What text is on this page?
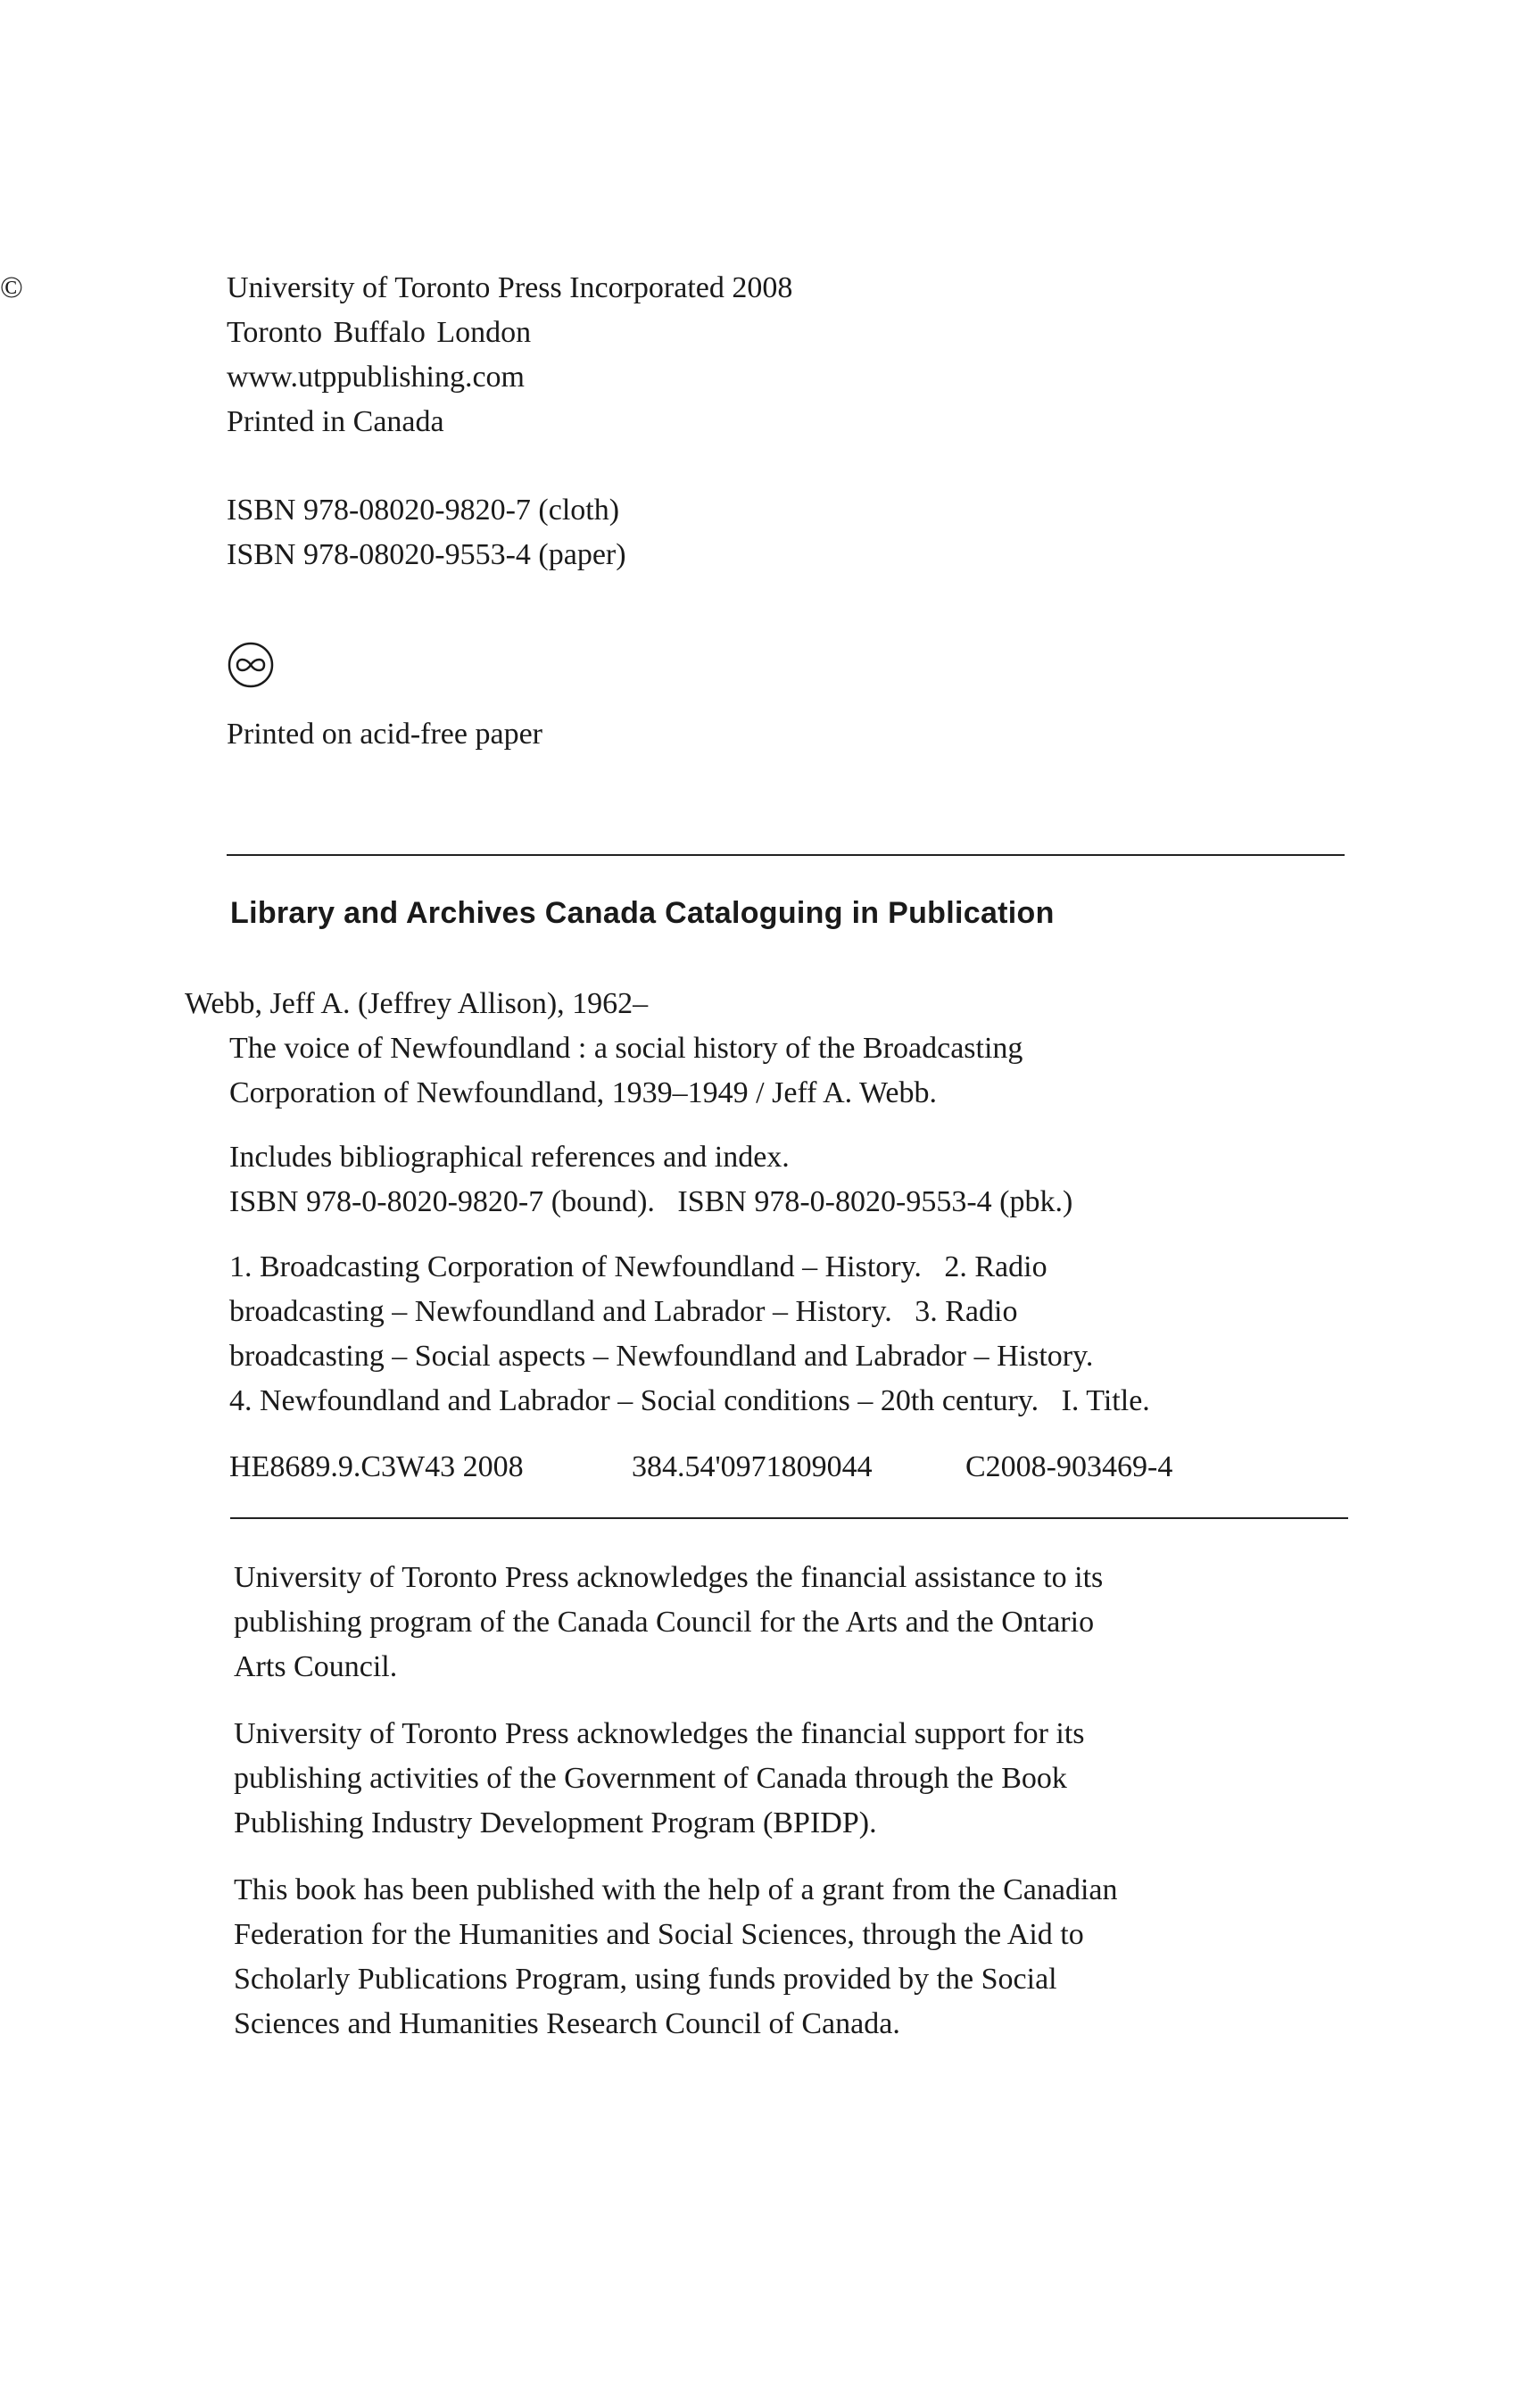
©	University of Toronto Press Incorporated 2008
Toronto Buffalo London
www.utppublishing.com
Printed in Canada
ISBN 978-08020-9820-7 (cloth)
ISBN 978-08020-9553-4 (paper)
Printed on acid-free paper
Library and Archives Canada Cataloguing in Publication
Webb, Jeff A. (Jeffrey Allison), 1962–
The voice of Newfoundland : a social history of the Broadcasting
Corporation of Newfoundland, 1939–1949 / Jeff A. Webb.
Includes bibliographical references and index.
ISBN 978-0-8020-9820-7 (bound).   ISBN 978-0-8020-9553-4 (pbk.)
1. Broadcasting Corporation of Newfoundland – History.   2. Radio
broadcasting – Newfoundland and Labrador – History.   3. Radio
broadcasting – Social aspects – Newfoundland and Labrador – History.
4. Newfoundland and Labrador – Social conditions – 20th century.   I. Title.
HE8689.9.C3W43 2008	384.54'0971809044	C2008-903469-4
University of Toronto Press acknowledges the financial assistance to its
publishing program of the Canada Council for the Arts and the Ontario
Arts Council.
University of Toronto Press acknowledges the financial support for its
publishing activities of the Government of Canada through the Book
Publishing Industry Development Program (BPIDP).
This book has been published with the help of a grant from the Canadian
Federation for the Humanities and Social Sciences, through the Aid to
Scholarly Publications Program, using funds provided by the Social
Sciences and Humanities Research Council of Canada.
